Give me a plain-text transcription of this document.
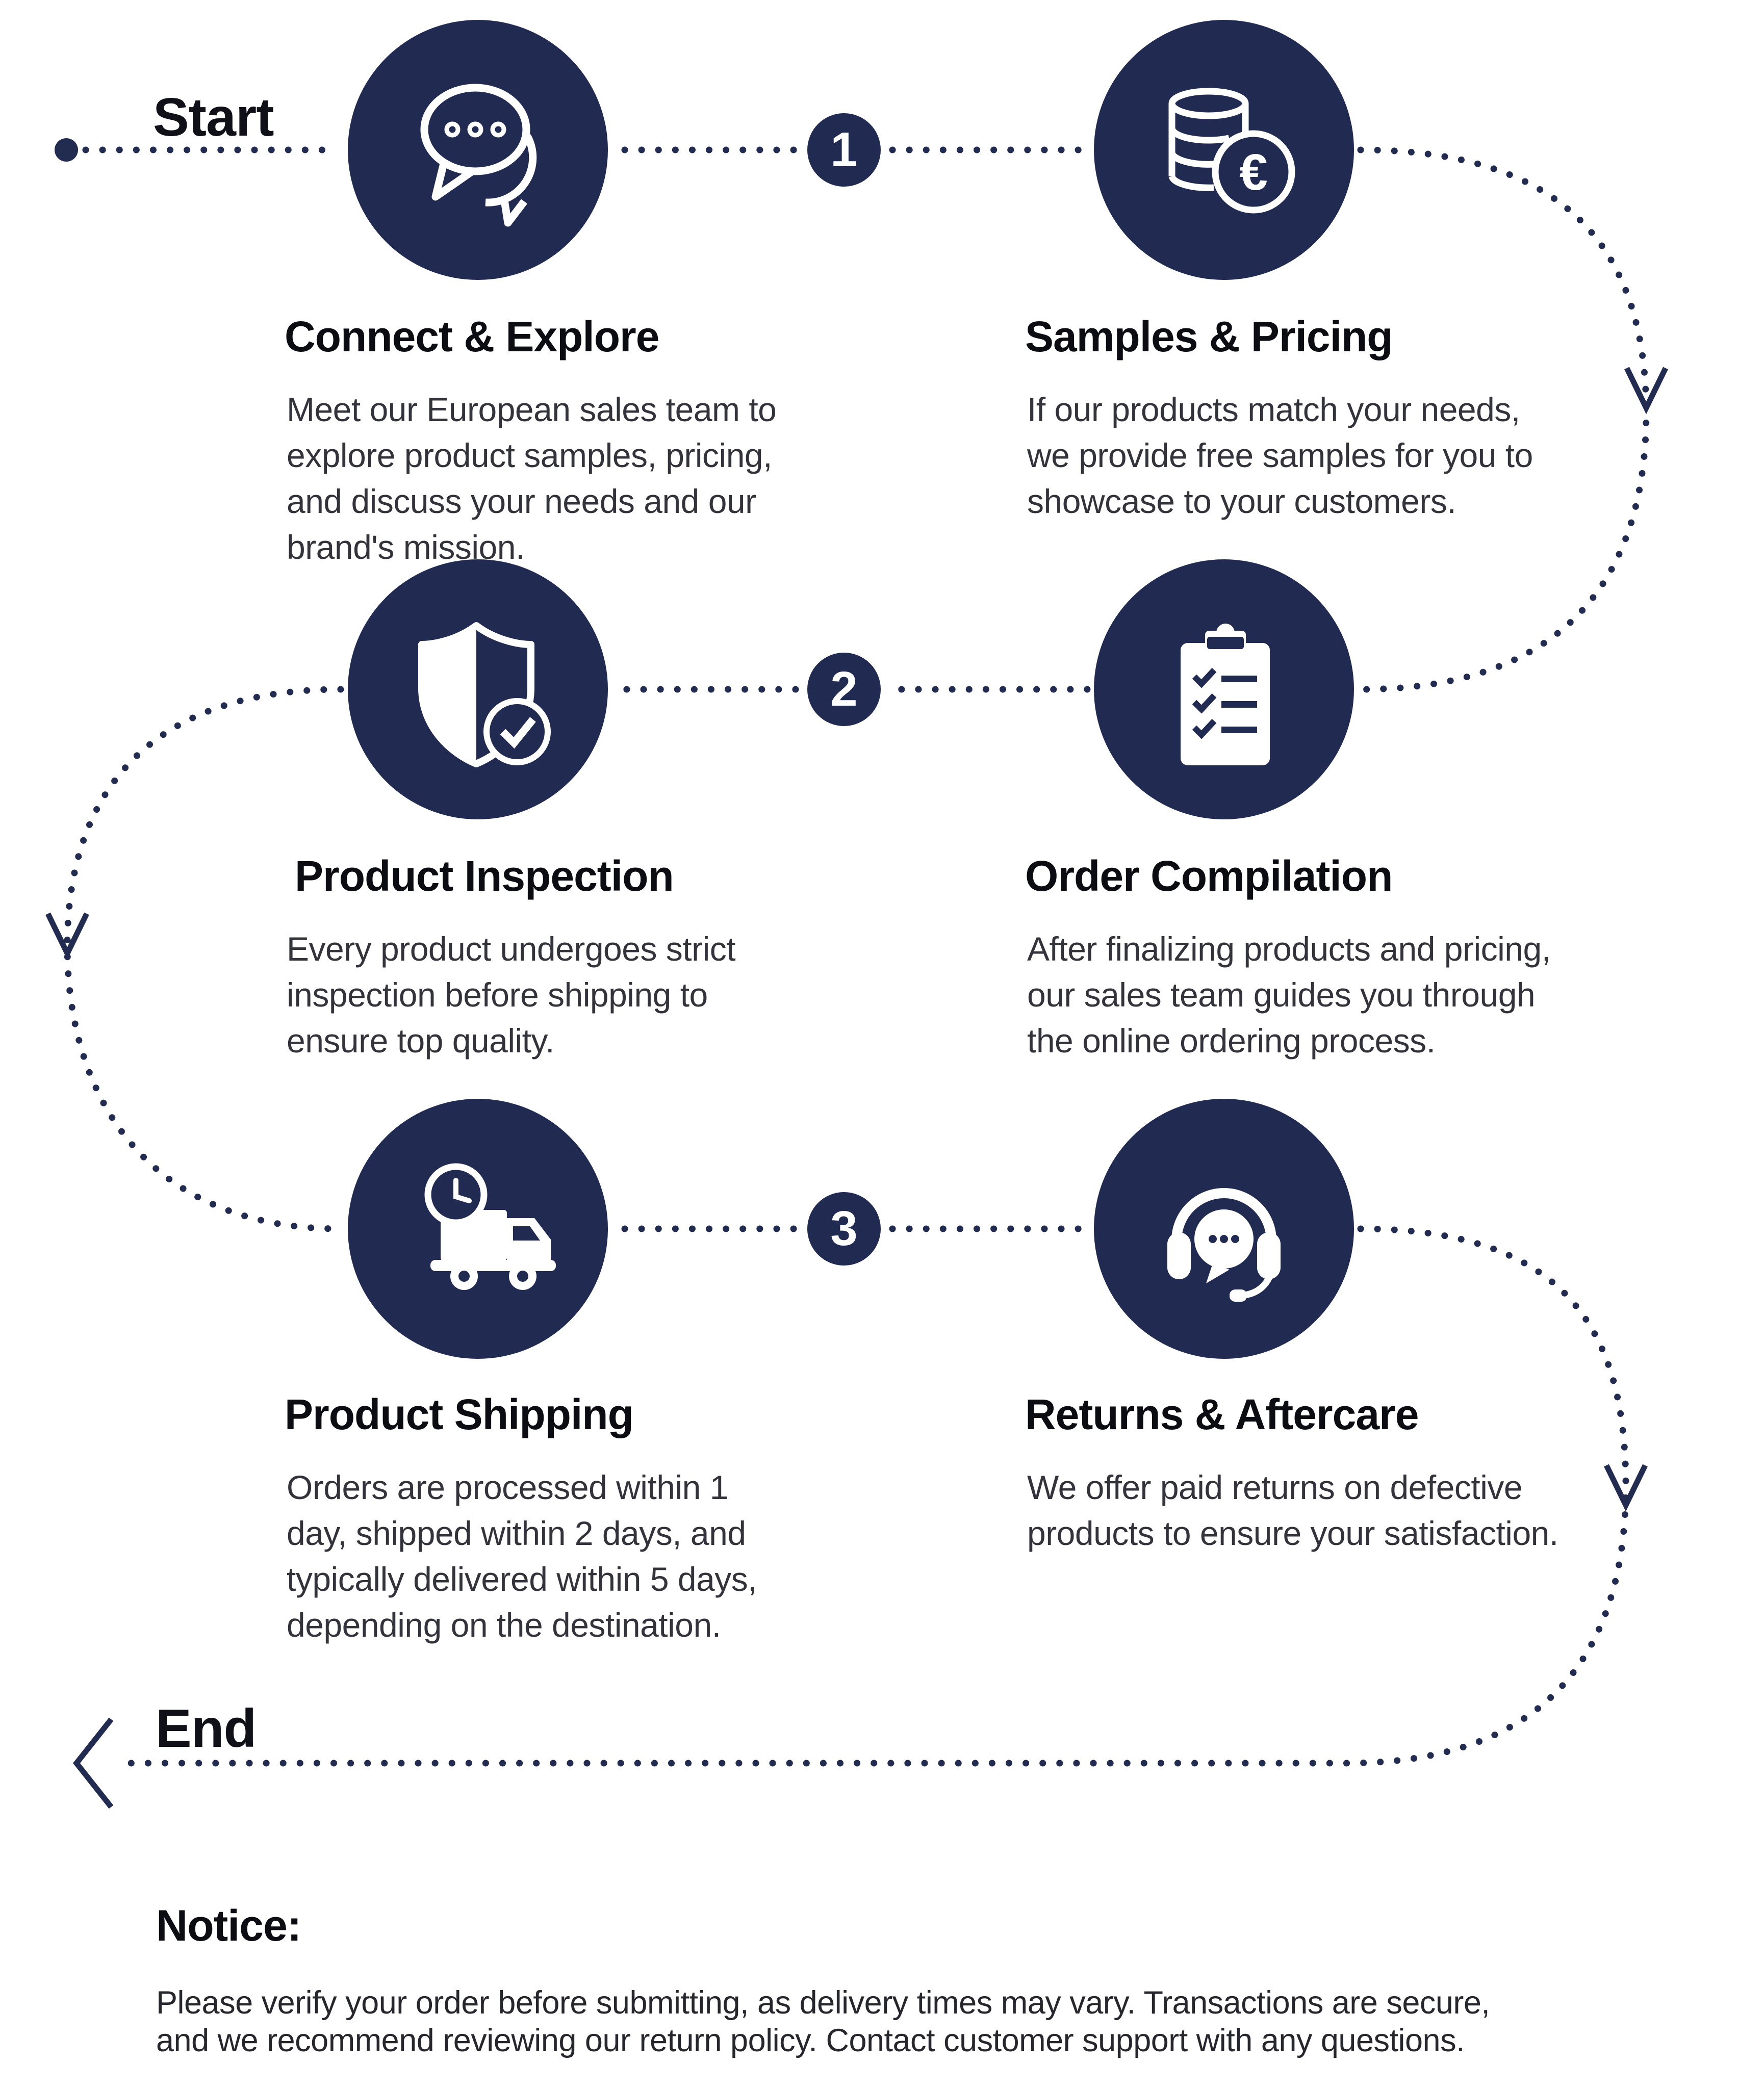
Start
End
€
1
2
3
Connect & Explore
Meet our European sales team to explore product samples, pricing, and discuss your needs and our brand's mission.
Samples & Pricing
If our products match your needs, we provide free samples for you to showcase to your customers.
Product Inspection
Every product undergoes strict inspection before shipping to ensure top quality.
Order Compilation
After finalizing products and pricing, our sales team guides you through the online ordering process.
Product Shipping
Orders are processed within 1 day, shipped within 2 days, and typically delivered within 5 days, depending on the destination.
Returns & Aftercare
We offer paid returns on defective products to ensure your satisfaction.
Notice:
Please verify your order before submitting, as delivery times may vary. Transactions are secure,
and we recommend reviewing our return policy. Contact customer support with any questions.
